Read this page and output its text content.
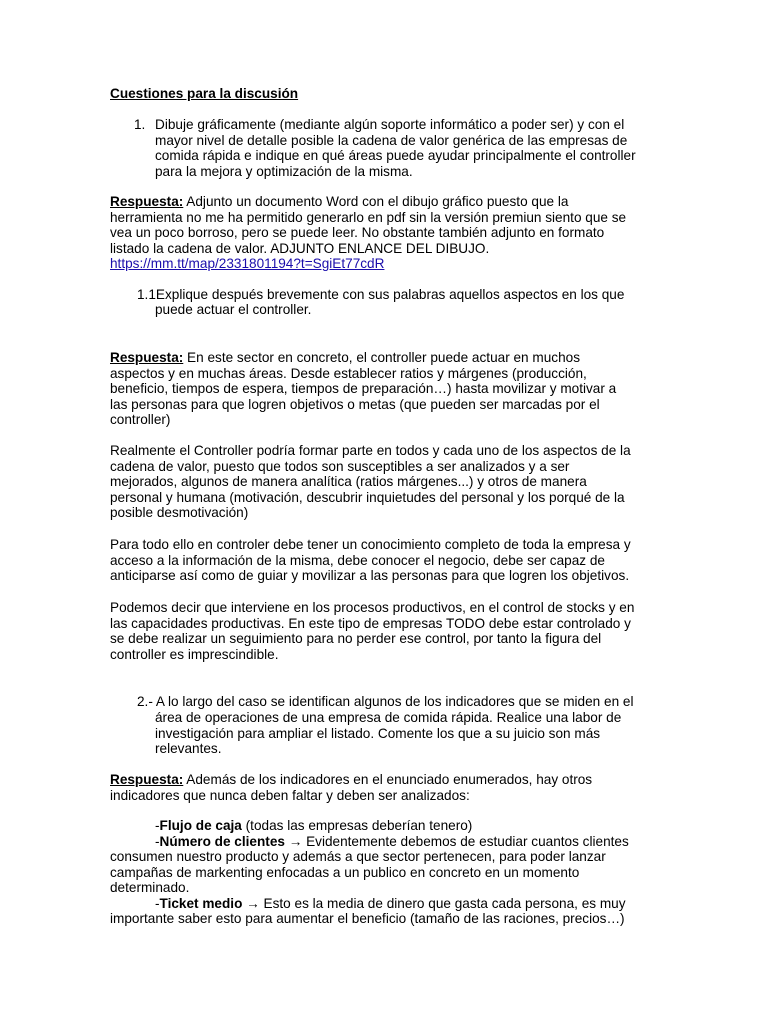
Cuestiones para la discusión
1. Dibuje gráficamente (mediante algún soporte informático a poder ser) y con el
mayor nivel de detalle posible la cadena de valor genérica de las empresas de
comida rápida e indique en qué áreas puede ayudar principalmente el controller
para la mejora y optimización de la misma.
Respuesta: Adjunto un documento Word con el dibujo gráfico puesto que la
herramienta no me ha permitido generarlo en pdf sin la versión premiun siento que se
vea un poco borroso, pero se puede leer. No obstante también adjunto en formato
listado la cadena de valor. ADJUNTO ENLANCE DEL DIBUJO.
https://mm.tt/map/2331801194?t=SgiEt77cdR
1.1Explique después brevemente con sus palabras aquellos aspectos en los que
puede actuar el controller.
Respuesta: En este sector en concreto, el controller puede actuar en muchos
aspectos y en muchas áreas. Desde establecer ratios y márgenes (producción,
beneficio, tiempos de espera, tiempos de preparación…) hasta movilizar y motivar a
las personas para que logren objetivos o metas (que pueden ser marcadas por el
controller)
Realmente el Controller podría formar parte en todos y cada uno de los aspectos de la
cadena de valor, puesto que todos son susceptibles a ser analizados y a ser
mejorados, algunos de manera analítica (ratios márgenes...) y otros de manera
personal y humana (motivación, descubrir inquietudes del personal y los porqué de la
posible desmotivación)
Para todo ello en controler debe tener un conocimiento completo de toda la empresa y
acceso a la información de la misma, debe conocer el negocio, debe ser capaz de
anticiparse así como de guiar y movilizar a las personas para que logren los objetivos.
Podemos decir que interviene en los procesos productivos, en el control de stocks y en
las capacidades productivas. En este tipo de empresas TODO debe estar controlado y
se debe realizar un seguimiento para no perder ese control, por tanto la figura del
controller es imprescindible.
2.- A lo largo del caso se identifican algunos de los indicadores que se miden en el
área de operaciones de una empresa de comida rápida. Realice una labor de
investigación para ampliar el listado. Comente los que a su juicio son más
relevantes.
Respuesta: Además de los indicadores en el enunciado enumerados, hay otros
indicadores que nunca deben faltar y deben ser analizados:
-Flujo de caja (todas las empresas deberían tenero)
-Número de clientes → Evidentemente debemos de estudiar cuantos clientes
consumen nuestro producto y además a que sector pertenecen, para poder lanzar
campañas de markenting enfocadas a un publico en concreto en un momento
determinado.
-Ticket medio → Esto es la media de dinero que gasta cada persona, es muy
importante saber esto para aumentar el beneficio (tamaño de las raciones, precios…)
